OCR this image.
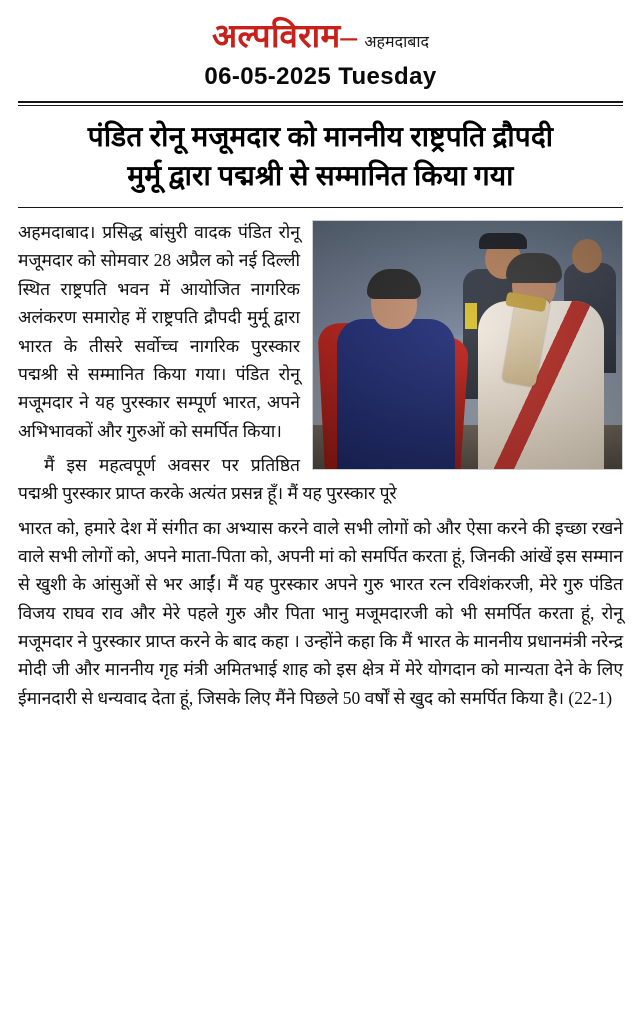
अल्पविराम– अहमदाबाद
06-05-2025 Tuesday
पंडित रोनू मजूमदार को माननीय राष्ट्रपति द्रौपदी
मुर्मू द्वारा पद्मश्री से सम्मानित किया गया

अहमदाबाद। प्रसिद्ध बांसुरी वादक पंडित रोनू मजूमदार को सोमवार 28 अप्रैल को नई दिल्ली स्थित राष्ट्रपति भवन में आयोजित नागरिक अलंकरण समारोह में राष्ट्रपति द्रौपदी मुर्मू द्वारा भारत के तीसरे सर्वोच्च नागरिक पुरस्कार पद्मश्री से सम्मानित किया गया। पंडित रोनू मजूमदार ने यह पुरस्कार सम्पूर्ण भारत, अपने अभिभावकों और गुरुओं को समर्पित किया।

मैं इस महत्वपूर्ण अवसर पर प्रतिष्ठित पद्मश्री पुरस्कार प्राप्त करके अत्यंत प्रसन्न हूँ। मैं यह पुरस्कार पूरे

भारत को, हमारे देश में संगीत का अभ्यास करने वाले सभी लोगों को और ऐसा करने की इच्छा रखने वाले सभी लोगों को, अपने माता-पिता को, अपनी मां को समर्पित करता हूं, जिनकी आंखें इस सम्मान से खुशी के आंसुओं से भर आईं। मैं यह पुरस्कार अपने गुरु भारत रत्न रविशंकरजी, मेरे गुरु पंडित विजय राघव राव और मेरे पहले गुरु और पिता भानु मजूमदारजी को भी समर्पित करता हूं, रोनू मजूमदार ने पुरस्कार प्राप्त करने के बाद कहा । उन्होंने कहा कि मैं भारत के माननीय प्रधानमंत्री नरेन्द्र मोदी जी और माननीय गृह मंत्री अमितभाई शाह को इस क्षेत्र में मेरे योगदान को मान्यता देने के लिए ईमानदारी से धन्यवाद देता हूं, जिसके लिए मैंने पिछले 50 वर्षों से खुद को समर्पित किया है। (22-1)
